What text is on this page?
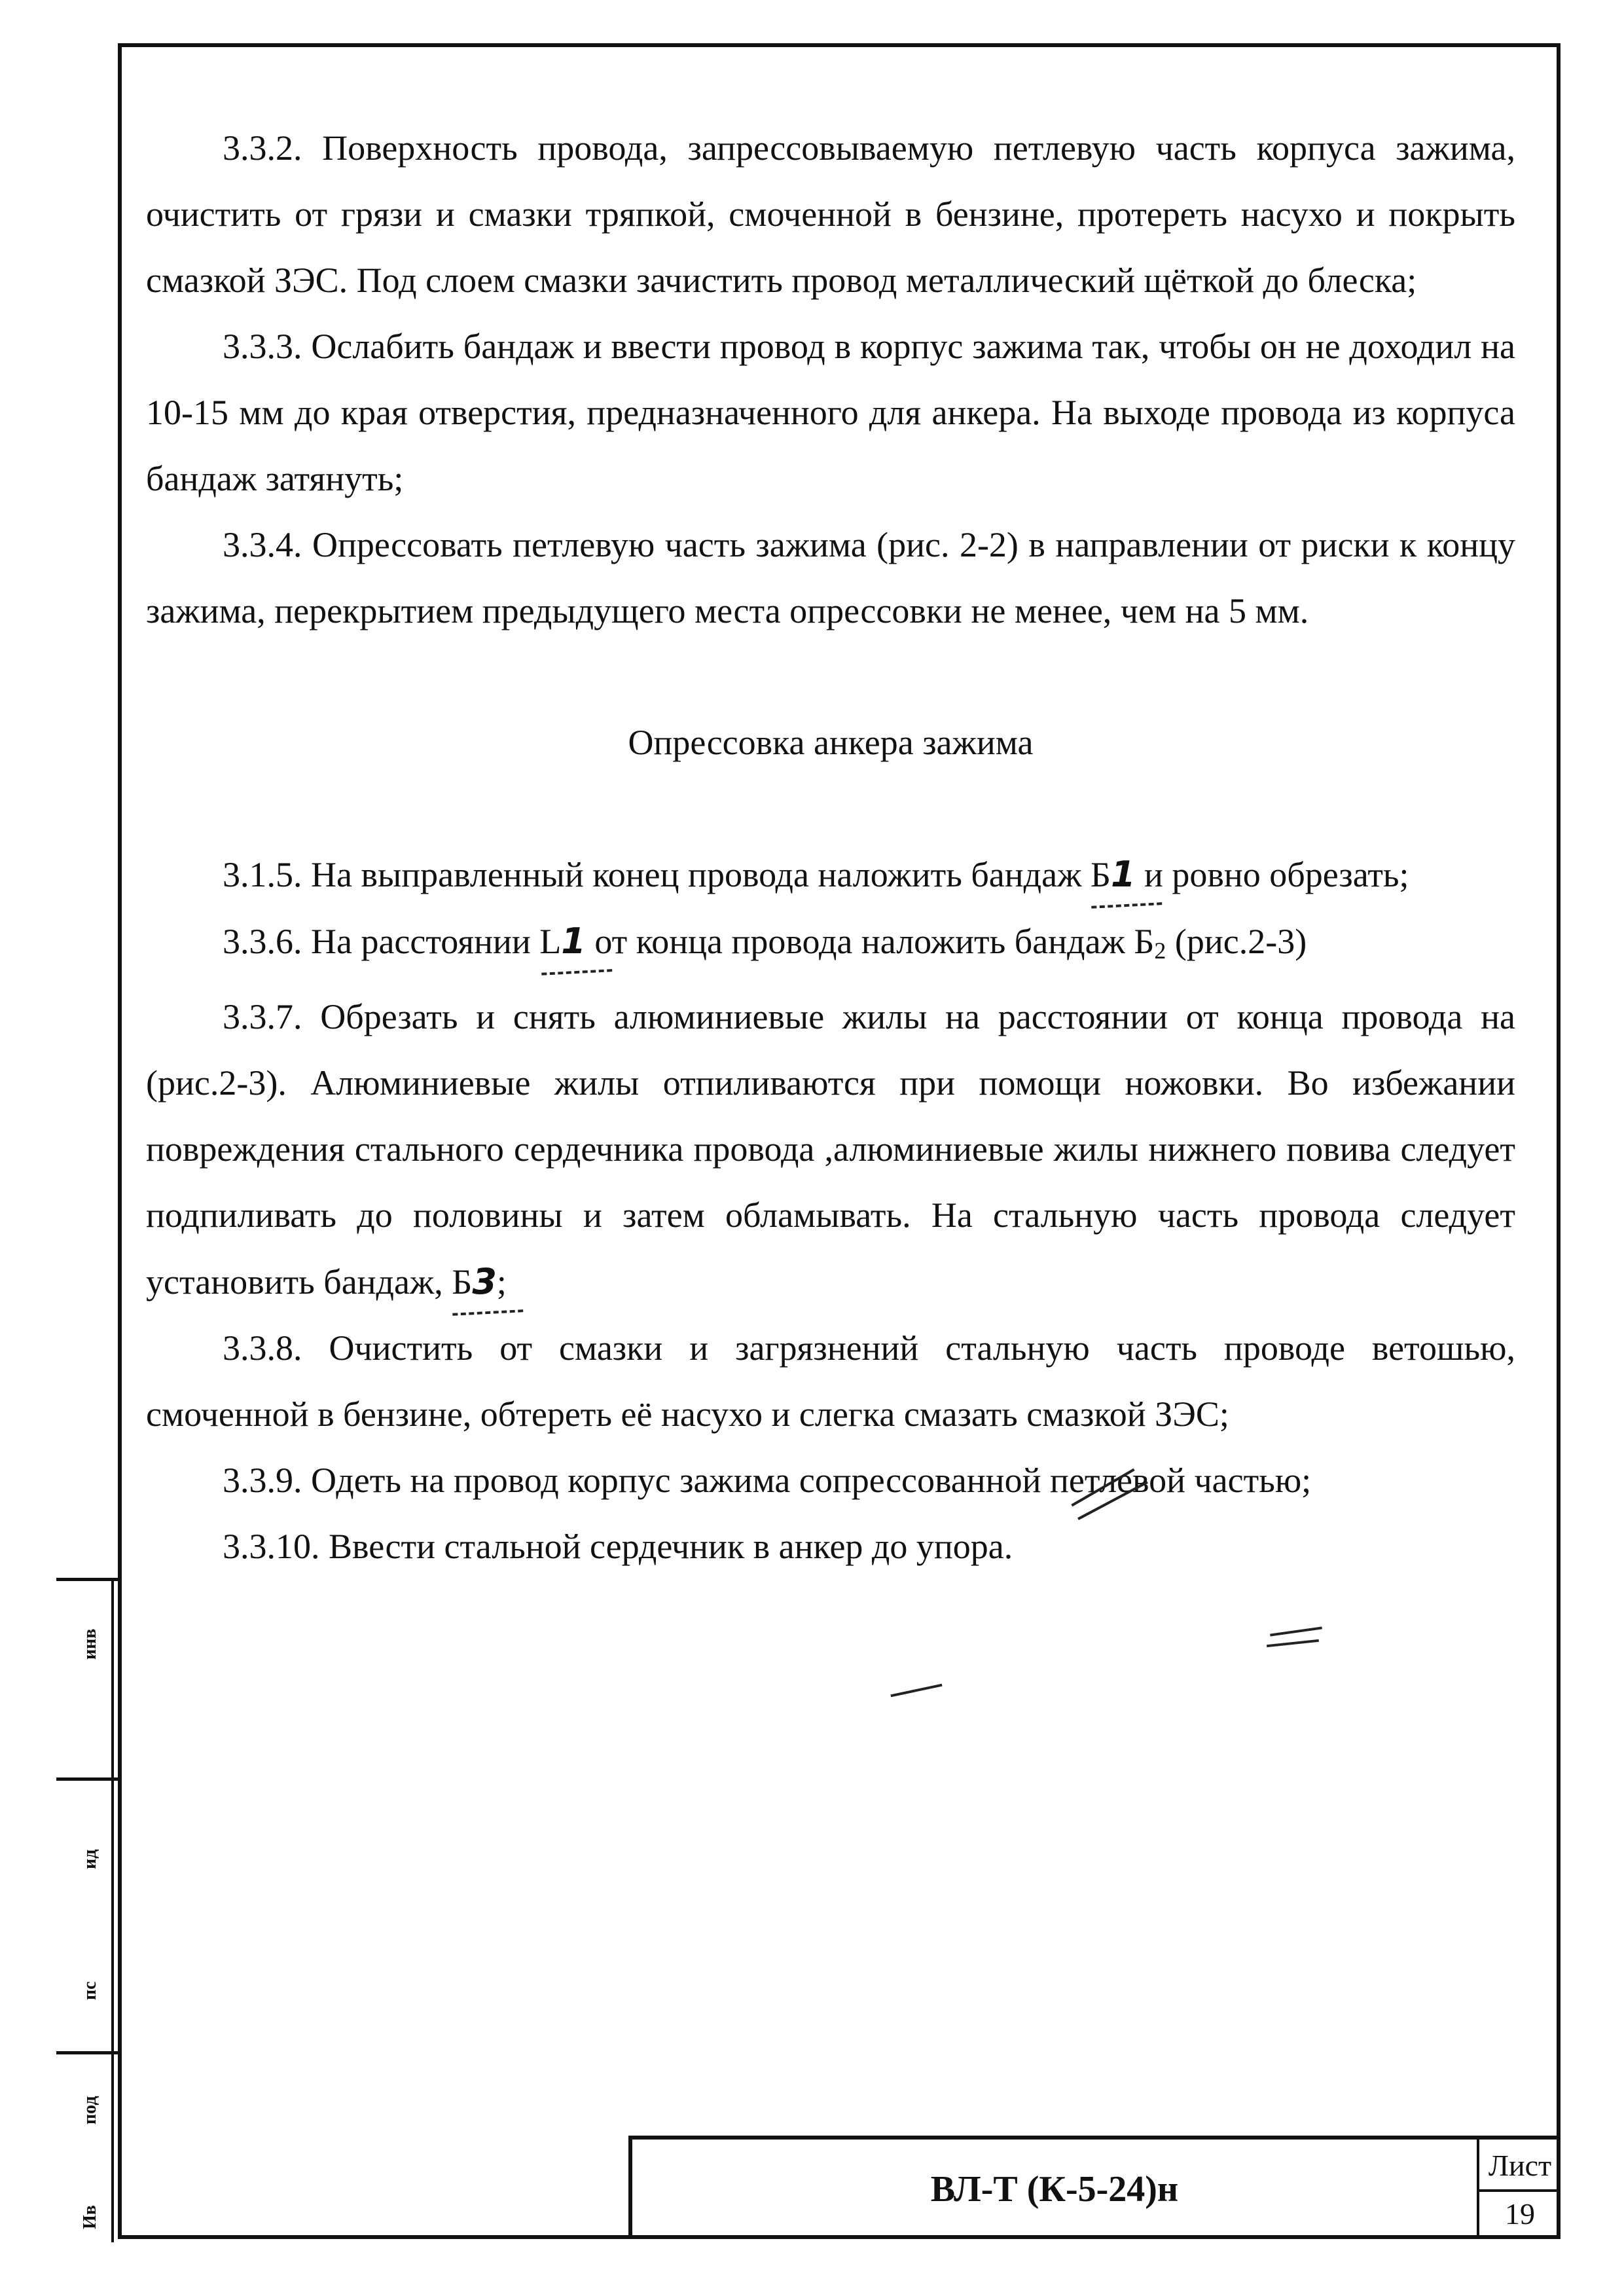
3.3.2. Поверхность провода, запрессовываемую петлевую часть корпуса зажима, очистить от грязи и смазки тряпкой, смоченной в бензине, протереть насухо и покрыть смазкой ЗЭС. Под слоем смазки зачистить провод металлический щёткой до блеска;

3.3.3. Ослабить бандаж и ввести провод в корпус зажима так, чтобы он не доходил на 10-15 мм до края отверстия, предназначенного для анкера. На выходе провода из корпуса бандаж затянуть;

3.3.4. Опрессовать петлевую часть зажима (рис. 2-2) в направлении от риски к концу зажима, перекрытием предыдущего места опрессовки не менее, чем на 5 мм.

Опрессовка анкера зажима

3.1.5. На выправленный конец провода наложить бандаж Б1
и ровно обрезать;

3.3.6. На расстоянии L1
от конца провода наложить бандаж $Б_2$ (рис.2-3)

3.3.7. Обрезать и снять алюминиевые жилы на расстоянии от конца провода на (рис.2-3). Алюминиевые жилы отпиливаются при помощи ножовки. Во избежании повреждения стального сердечника провода ,алюминиевые жилы нижнего повива следует подпиливать до половины и затем обламывать. На стальную часть провода следует установить бандаж, Б3
;

3.3.8. Очистить от смазки и загрязнений стальную часть проводе ветошью, смоченной в бензине, обтереть её насухо и слегка смазать смазкой ЗЭС;

3.3.9. Одеть на провод корпус зажима сопрессованной петлевой частью;

3.3.10. Ввести стальной сердечник в анкер до упора.

инв
ид
пс
под
Ив
ВЛ-Т (К-5-24)н
Лист
19
